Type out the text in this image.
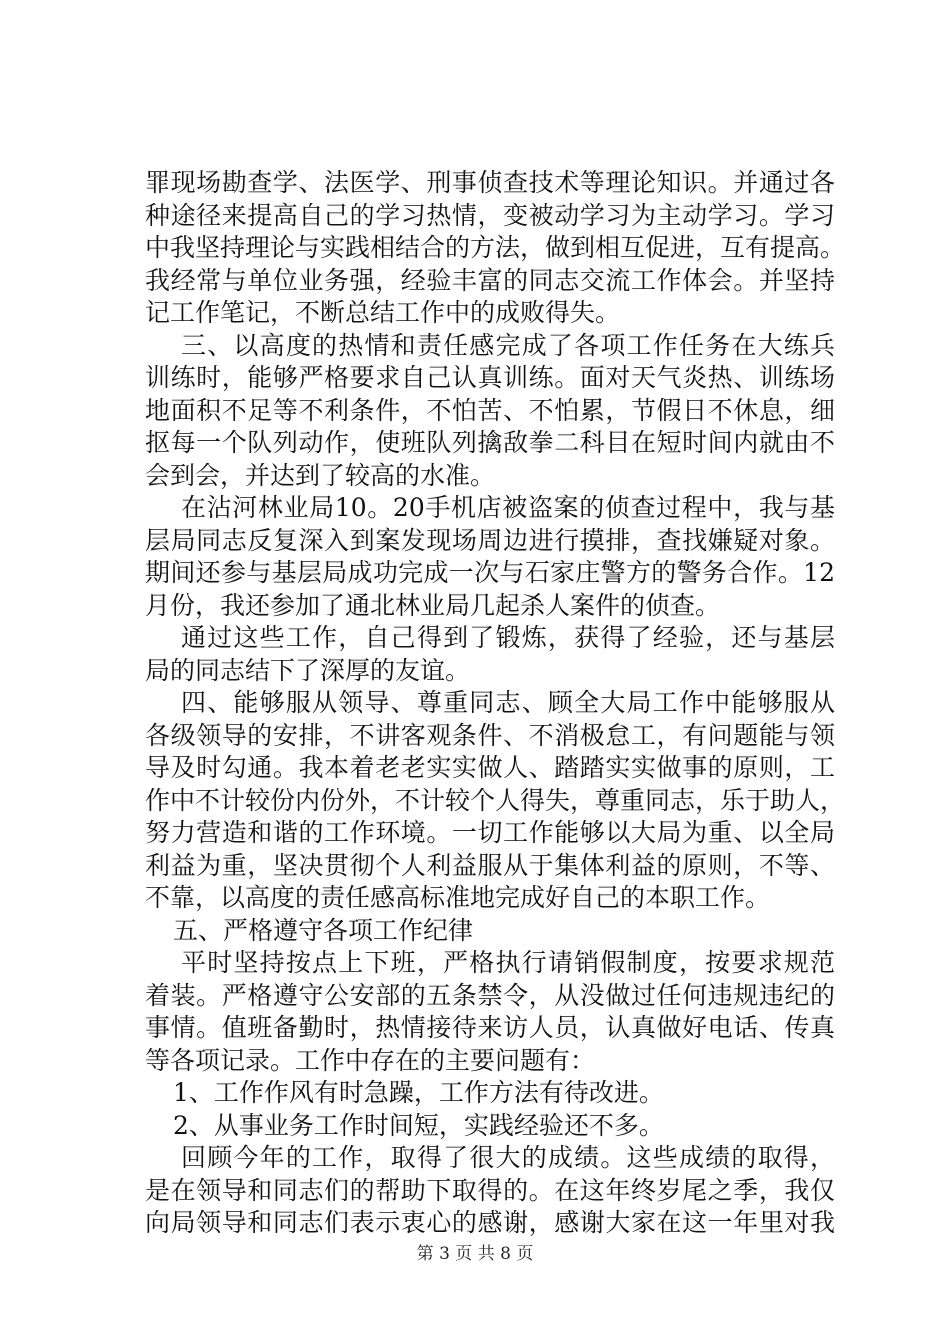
罪现场勘查学、法医学、刑事侦查技术等理论知识。并通过各
种途径来提高自己的学习热情，变被动学习为主动学习。学习
中我坚持理论与实践相结合的方法，做到相互促进，互有提高。
我经常与单位业务强，经验丰富的同志交流工作体会。并坚持
记工作笔记，不断总结工作中的成败得失。
三、以高度的热情和责任感完成了各项工作任务在大练兵
训练时，能够严格要求自己认真训练。面对天气炎热、训练场
地面积不足等不利条件，不怕苦、不怕累，节假日不休息，细
抠每一个队列动作，使班队列擒敌拳二科目在短时间内就由不
会到会，并达到了较高的水准。
在沾河林业局10。20手机店被盗案的侦查过程中，我与基
层局同志反复深入到案发现场周边进行摸排，查找嫌疑对象。
期间还参与基层局成功完成一次与石家庄警方的警务合作。12
月份，我还参加了通北林业局几起杀人案件的侦查。
通过这些工作，自己得到了锻炼，获得了经验，还与基层
局的同志结下了深厚的友谊。
四、能够服从领导、尊重同志、顾全大局工作中能够服从
各级领导的安排，不讲客观条件、不消极怠工，有问题能与领
导及时勾通。我本着老老实实做人、踏踏实实做事的原则，工
作中不计较份内份外，不计较个人得失，尊重同志，乐于助人，
努力营造和谐的工作环境。一切工作能够以大局为重、以全局
利益为重，坚决贯彻个人利益服从于集体利益的原则，不等、
不靠，以高度的责任感高标准地完成好自己的本职工作。
五、严格遵守各项工作纪律
平时坚持按点上下班，严格执行请销假制度，按要求规范
着装。严格遵守公安部的五条禁令，从没做过任何违规违纪的
事情。值班备勤时，热情接待来访人员，认真做好电话、传真
等各项记录。工作中存在的主要问题有：
1、工作作风有时急躁，工作方法有待改进。
2、从事业务工作时间短，实践经验还不多。
回顾今年的工作，取得了很大的成绩。这些成绩的取得，
是在领导和同志们的帮助下取得的。在这年终岁尾之季，我仅
向局领导和同志们表示衷心的感谢，感谢大家在这一年里对我
第 3 页 共 8 页
